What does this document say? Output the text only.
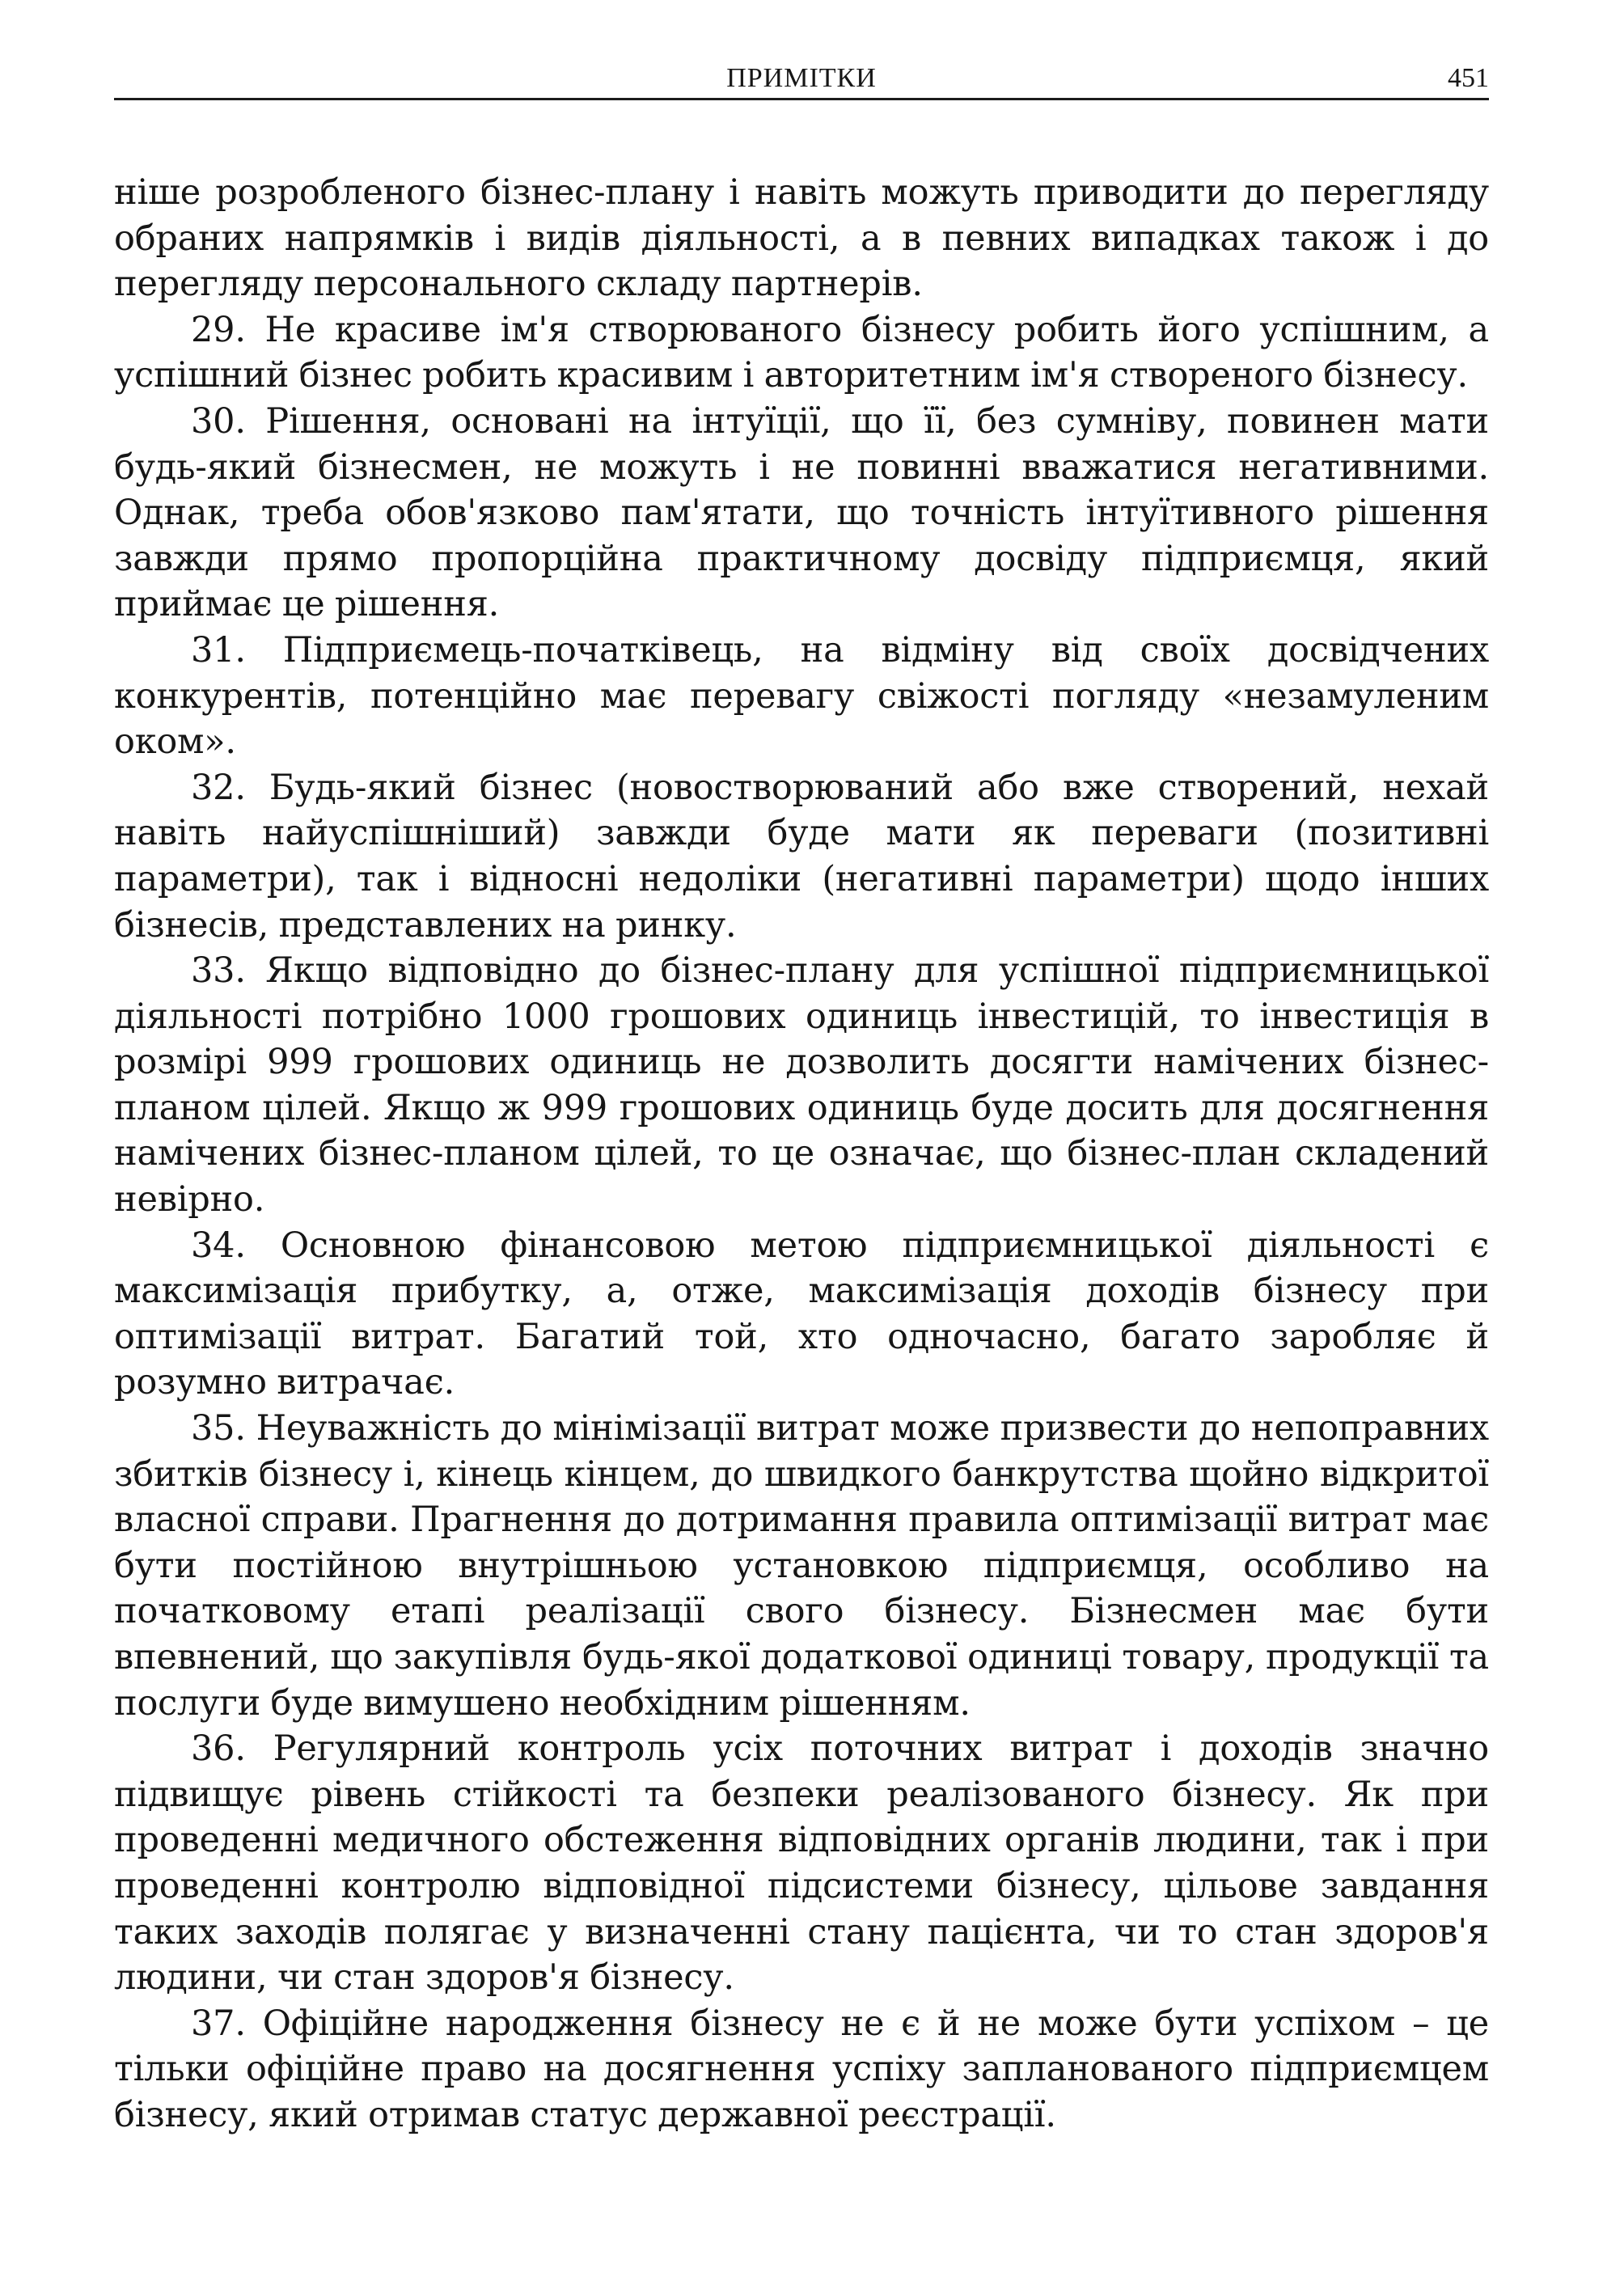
ПРИМІТКИ	451

ніше розробленого бізнес-плану і навіть можуть приводити до перегляду обраних напрямків і видів діяльності, а в певних випадках також і до перегляду персонального складу партнерів.

29. Не красиве ім'я створюваного бізнесу робить його успішним, а успішний бізнес робить красивим і авторитетним ім'я створеного бізнесу.

30. Рішення, основані на інтуїції, що її, без сумніву, повинен мати будь-який бізнесмен, не можуть і не повинні вважатися негативними. Однак, треба обов'язково пам'ятати, що точність інтуїтивного рішення завжди прямо пропорційна практичному досвіду підприємця, який приймає це рішення.

31. Підприємець-початківець, на відміну від своїх досвідчених конкурентів, потенційно має перевагу свіжості погляду «незамуленим оком».

32. Будь-який бізнес (новостворюваний або вже створений, нехай навіть найуспішніший) завжди буде мати як переваги (позитивні параметри), так і відносні недоліки (негативні параметри) щодо інших бізнесів, представлених на ринку.

33. Якщо відповідно до бізнес-плану для успішної підприємницької діяльності потрібно 1000 грошових одиниць інвестицій, то інвестиція в розмірі 999 грошових одиниць не дозволить досягти намічених бізнес-планом цілей. Якщо ж 999 грошових одиниць буде досить для досягнення намічених бізнес-планом цілей, то це означає, що бізнес-план складений невірно.

34. Основною фінансовою метою підприємницької діяльності є максимізація прибутку, а, отже, максимізація доходів бізнесу при оптимізації витрат. Багатий той, хто одночасно, багато заробляє й розумно витрачає.

35. Неуважність до мінімізації витрат може призвести до непоправних збитків бізнесу і, кінець кінцем, до швидкого банкрутства щойно відкритої власної справи. Прагнення до дотримання правила оптимізації витрат має бути постійною внутрішньою установкою підприємця, особливо на початковому етапі реалізації свого бізнесу. Бізнесмен має бути впевнений, що закупівля будь-якої додаткової одиниці товару, продукції та послуги буде вимушено необхідним рішенням.

36. Регулярний контроль усіх поточних витрат і доходів значно підвищує рівень стійкості та безпеки реалізованого бізнесу. Як при проведенні медичного обстеження відповідних органів людини, так і при проведенні контролю відповідної підсистеми бізнесу, цільове завдання таких заходів полягає у визначенні стану пацієнта, чи то стан здоров'я людини, чи стан здоров'я бізнесу.

37. Офіційне народження бізнесу не є й не може бути успіхом – це тільки офіційне право на досягнення успіху запланованого підприємцем бізнесу, який отримав статус державної реєстрації.
